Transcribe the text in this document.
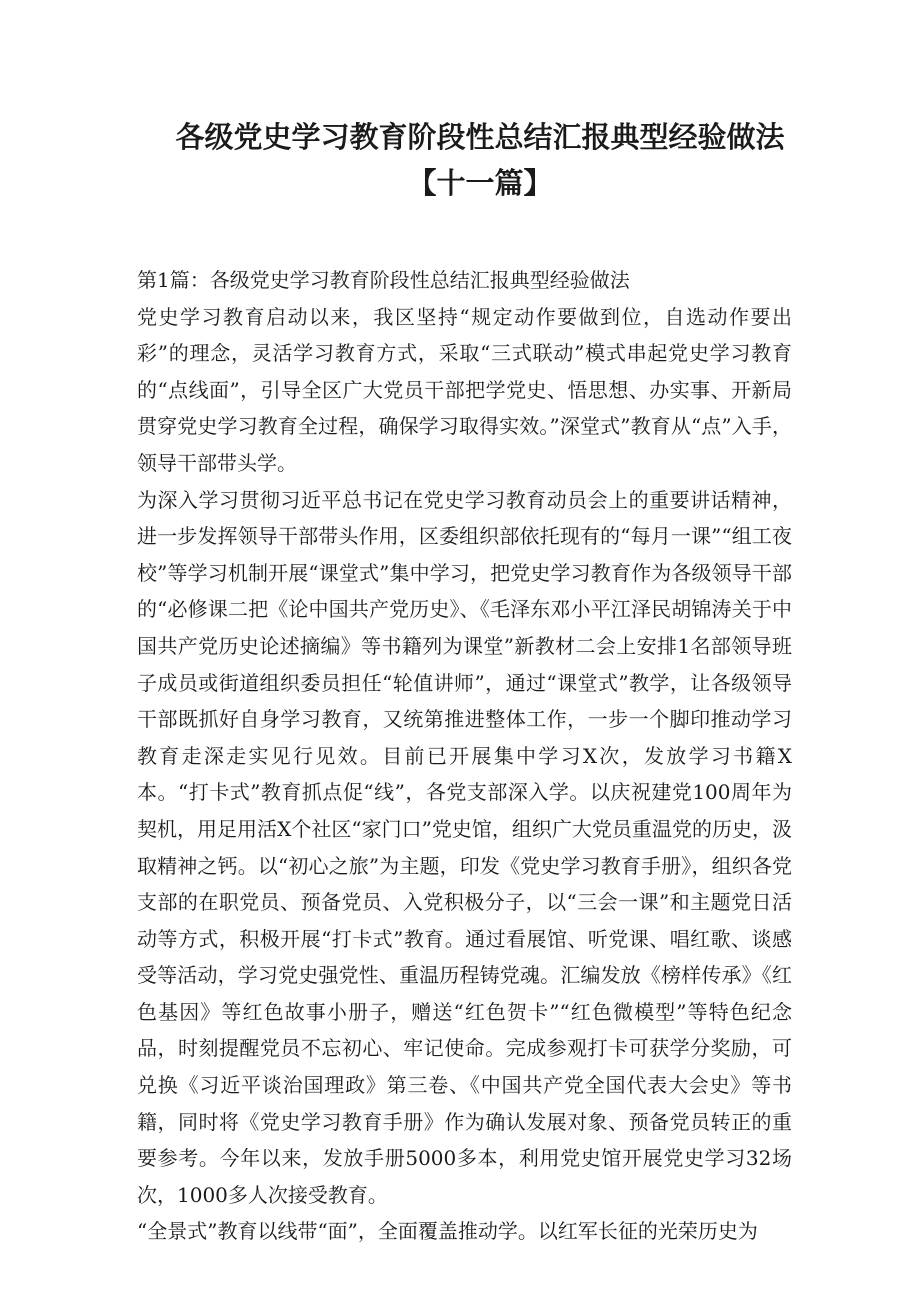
各级党史学习教育阶段性总结汇报典型经验做法【十一篇】

第1篇：各级党史学习教育阶段性总结汇报典型经验做法

党史学习教育启动以来，我区坚持“规定动作要做到位，自选动作要出彩”的理念，灵活学习教育方式，采取“三式联动”模式串起党史学习教育的“点线面”，引导全区广大党员干部把学党史、悟思想、办实事、开新局贯穿党史学习教育全过程，确保学习取得实效。”深堂式”教育从“点”入手，领导干部带头学。

为深入学习贯彻习近平总书记在党史学习教育动员会上的重要讲话精神，进一步发挥领导干部带头作用，区委组织部依托现有的“每月一课”“组工夜校”等学习机制开展“课堂式”集中学习，把党史学习教育作为各级领导干部的“必修课二把《论中国共产党历史》、《毛泽东邓小平江泽民胡锦涛关于中国共产党历史论述摘编》等书籍列为课堂”新教材二会上安排1名部领导班子成员或街道组织委员担任“轮值讲师”，通过“课堂式”教学，让各级领导干部既抓好自身学习教育，又统第推进整体工作，一步一个脚印推动学习教育走深走实见行见效。目前已开展集中学习X次，发放学习书籍X本。“打卡式”教育抓点促“线”，各党支部深入学。以庆祝建党100周年为契机，用足用活X个社区“家门口”党史馆，组织广大党员重温党的历史，汲取精神之钙。以“初心之旅”为主题，印发《党史学习教育手册》，组织各党支部的在职党员、预备党员、入党积极分子，以“三会一课”和主题党日活动等方式，积极开展“打卡式”教育。通过看展馆、听党课、唱红歌、谈感受等活动，学习党史强党性、重温历程铸党魂。汇编发放《榜样传承》《红色基因》等红色故事小册子，赠送“红色贺卡”“红色微模型”等特色纪念品，时刻提醒党员不忘初心、牢记使命。完成参观打卡可获学分奖励，可兑换《习近平谈治国理政》第三卷、《中国共产党全国代表大会史》等书籍，同时将《党史学习教育手册》作为确认发展对象、预备党员转正的重要参考。今年以来，发放手册5000多本，利用党史馆开展党史学习32场次，1000多人次接受教育。

“全景式”教育以线带“面”，全面覆盖推动学。以红军长征的光荣历史为
